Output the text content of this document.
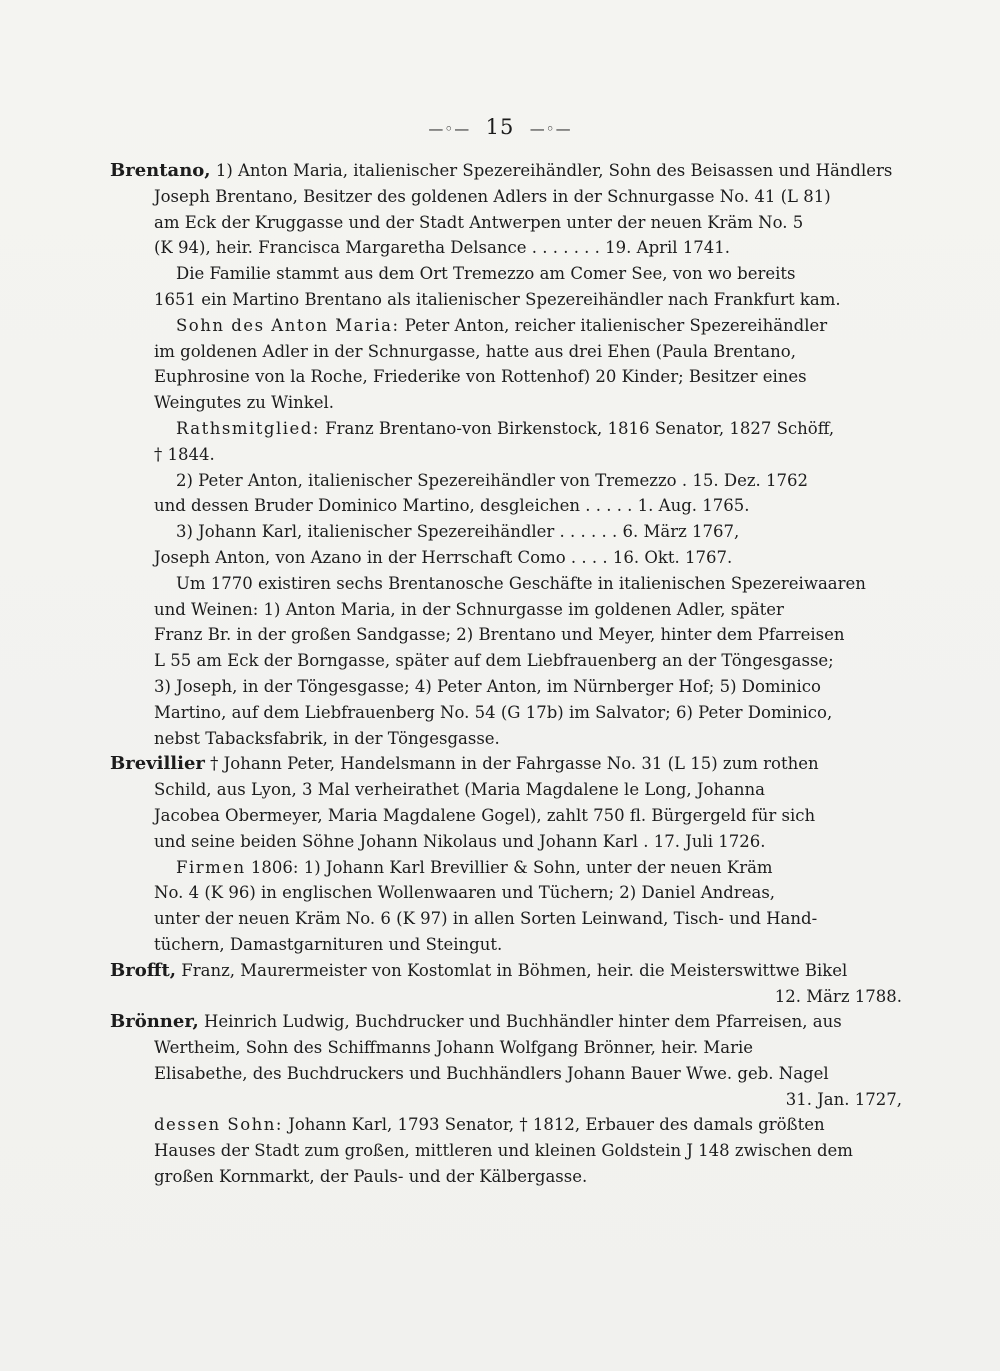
—◦— 15 —◦—
Brentano, 1) Anton Maria, italienischer Spezereihändler, Sohn des Beisassen und Händlers
Joseph Brentano, Besitzer des goldenen Adlers in der Schnurgasse No. 41 (L 81)
am Eck der Kruggasse und der Stadt Antwerpen unter der neuen Kräm No. 5
(K 94), heir. Francisca Margaretha Delsance . . . . . . . 19. April 1741.
Die Familie stammt aus dem Ort Tremezzo am Comer See, von wo bereits
1651 ein Martino Brentano als italienischer Spezereihändler nach Frankfurt kam.
Sohn des Anton Maria: Peter Anton, reicher italienischer Spezereihändler
im goldenen Adler in der Schnurgasse, hatte aus drei Ehen (Paula Brentano,
Euphrosine von la Roche, Friederike von Rottenhof) 20 Kinder; Besitzer eines
Weingutes zu Winkel.
Rathsmitglied: Franz Brentano-von Birkenstock, 1816 Senator, 1827 Schöff,
† 1844.
2) Peter Anton, italienischer Spezereihändler von Tremezzo . 15. Dez. 1762
und dessen Bruder Dominico Martino, desgleichen . . . . . 1. Aug. 1765.
3) Johann Karl, italienischer Spezereihändler . . . . . . 6. März 1767,
Joseph Anton, von Azano in der Herrschaft Como . . . . 16. Okt. 1767.
Um 1770 existiren sechs Brentanosche Geschäfte in italienischen Spezereiwaaren
und Weinen: 1) Anton Maria, in der Schnurgasse im goldenen Adler, später
Franz Br. in der großen Sandgasse; 2) Brentano und Meyer, hinter dem Pfarreisen
L 55 am Eck der Borngasse, später auf dem Liebfrauenberg an der Töngesgasse;
3) Joseph, in der Töngesgasse; 4) Peter Anton, im Nürnberger Hof; 5) Dominico
Martino, auf dem Liebfrauenberg No. 54 (G 17b) im Salvator; 6) Peter Dominico,
nebst Tabacksfabrik, in der Töngesgasse.
Brevillier † Johann Peter, Handelsmann in der Fahrgasse No. 31 (L 15) zum rothen
Schild, aus Lyon, 3 Mal verheirathet (Maria Magdalene le Long, Johanna
Jacobea Obermeyer, Maria Magdalene Gogel), zahlt 750 fl. Bürgergeld für sich
und seine beiden Söhne Johann Nikolaus und Johann Karl . 17. Juli 1726.
Firmen 1806: 1) Johann Karl Brevillier & Sohn, unter der neuen Kräm
No. 4 (K 96) in englischen Wollenwaaren und Tüchern; 2) Daniel Andreas,
unter der neuen Kräm No. 6 (K 97) in allen Sorten Leinwand, Tisch- und Hand-
tüchern, Damastgarnituren und Steingut.
Brofft, Franz, Maurermeister von Kostomlat in Böhmen, heir. die Meisterswittwe Bikel
12. März 1788.
Brönner, Heinrich Ludwig, Buchdrucker und Buchhändler hinter dem Pfarreisen, aus
Wertheim, Sohn des Schiffmanns Johann Wolfgang Brönner, heir. Marie
Elisabethe, des Buchdruckers und Buchhändlers Johann Bauer Wwe. geb. Nagel
31. Jan. 1727,
dessen Sohn: Johann Karl, 1793 Senator, † 1812, Erbauer des damals größten
Hauses der Stadt zum großen, mittleren und kleinen Goldstein J 148 zwischen dem
großen Kornmarkt, der Pauls- und der Kälbergasse.
